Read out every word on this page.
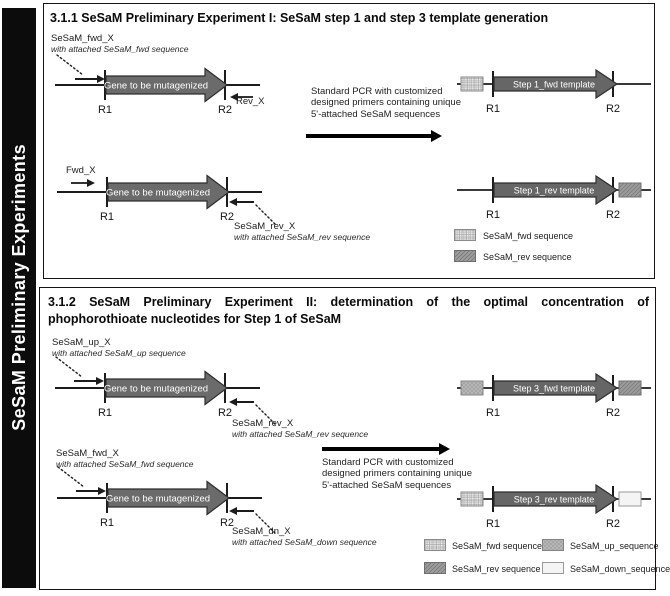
SeSaM Preliminary Experiments
3.1.1 SeSaM Preliminary Experiment I: SeSaM step 1 and step 3 template generation
SeSaM_fwd_X
with attached SeSaM_fwd sequence
Gene to be mutagenized
R1	R2
Rev_X
Fwd_X
Gene to be mutagenized
R1	R2
SeSaM_rev_X
with attached SeSaM_rev sequence
Standard PCR with customized
designed primers containing unique
5'-attached SeSaM sequences
Step 1_fwd template
R1	R2
Step 1_rev template
R1	R2
SeSaM_fwd sequence
SeSaM_rev sequence
3.1.2 SeSaM Preliminary Experiment II: determination of the optimal concentration of
phophorothioate nucleotides for Step 1 of SeSaM
SeSaM_up_X
with attached SeSaM_up sequence
Gene to be mutagenized
R1	R2
SeSaM_rev_X
with attached SeSaM_rev sequence
SeSaM_fwd_X
with attached SeSaM_fwd sequence
Gene to be mutagenized
R1	R2
SeSaM_dn_X
with attached SeSaM_down sequence
Standard PCR with customized
designed primers containing unique
5'-attached SeSaM sequences
Step 3_fwd template
R1	R2
Step 3_rev template
R1	R2
SeSaM_fwd sequence	SeSaM_up_sequence
SeSaM_rev sequence	SeSaM_down_sequence
